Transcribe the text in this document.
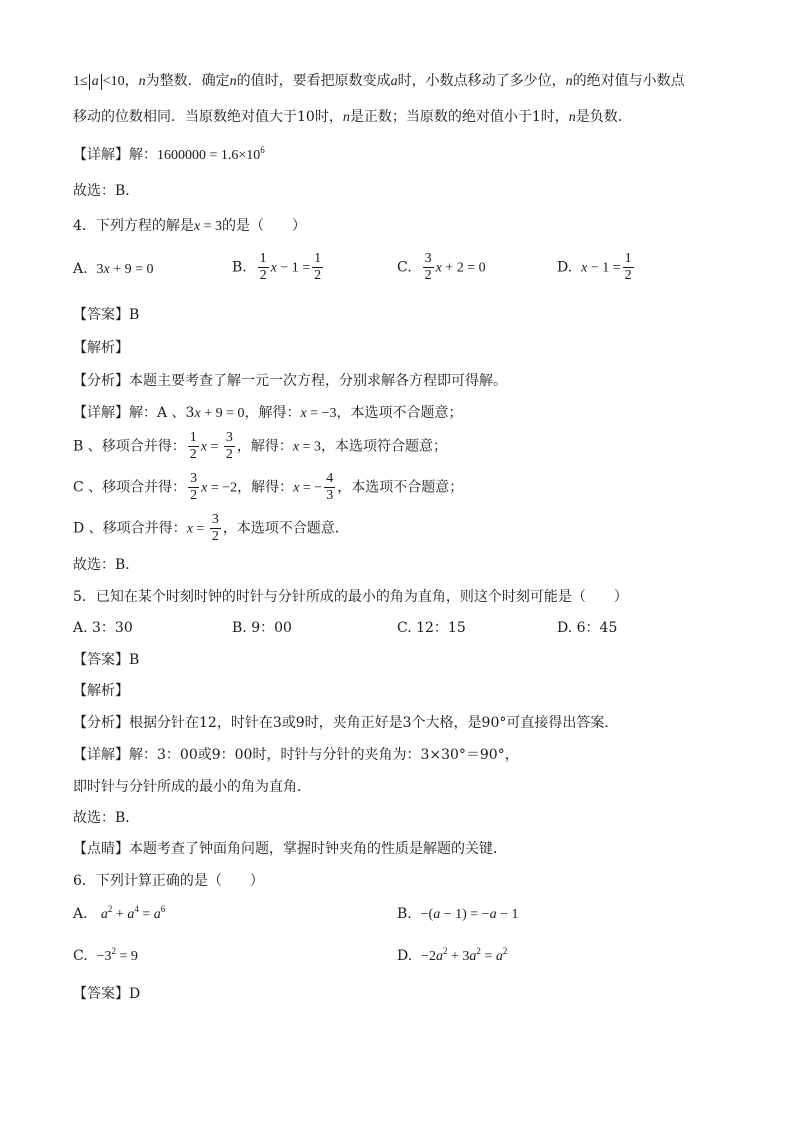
1≤ a <10，n为整数．确定n的值时，要看把原数变成a时，小数点移动了多少位，n的绝对值与小数点
移动的位数相同．当原数绝对值大于10时，n是正数；当原数的绝对值小于1时，n是负数．
【详解】解：$1600000 = 1.6\times 10^6$
故选：B．
4．下列方程的解是x = 3的是（　　）
A. 3x + 9 = 0	B. $\frac{1}{2}$ $x - 1 = \frac{1}{2}$	C. $\frac{3}{2}$ x + 2 = 0	D. $x - 1 = \frac{1}{2}$
【答案】B
【解析】
【分析】本题主要考查了解一元一次方程，分别求解各方程即可得解。
【详解】解：A 、3x + 9 = 0，解得：x = −3，本选项不合题意；
B 、移项合并得： $\frac{1}{2}$ $x = \frac{3}{2}$ ，解得：x = 3，本选项符合题意；
C 、移项合并得： $\frac{3}{2}$ x = −2，解得：x = − $\frac{4}{3}$ ，本选项不合题意；
D 、移项合并得：$x = \frac{3}{2}$ ，本选项不合题意．
故选：B．
5．已知在某个时刻时钟的时针与分针所成的最小的角为直角，则这个时刻可能是（　　）
A. 3：30	B. 9：00	C. 12：15	D. 6：45
【答案】B
【解析】
【分析】根据分针在12，时针在3或9时，夹角正好是3个大格，是90°可直接得出答案．
【详解】解：3：00或9：00时，时针与分针的夹角为：3×30°＝90°，
即时针与分针所成的最小的角为直角．
故选：B．
【点睛】本题考查了钟面角问题，掌握时钟夹角的性质是解题的关键．
6．下列计算正确的是（　　）
A. $a^2 + a^4 = a^6$	B. −(a − 1) = −a − 1
C. $-3^2 = 9$	D. $-2a^2 + 3a^2 = a^2$
【答案】D
